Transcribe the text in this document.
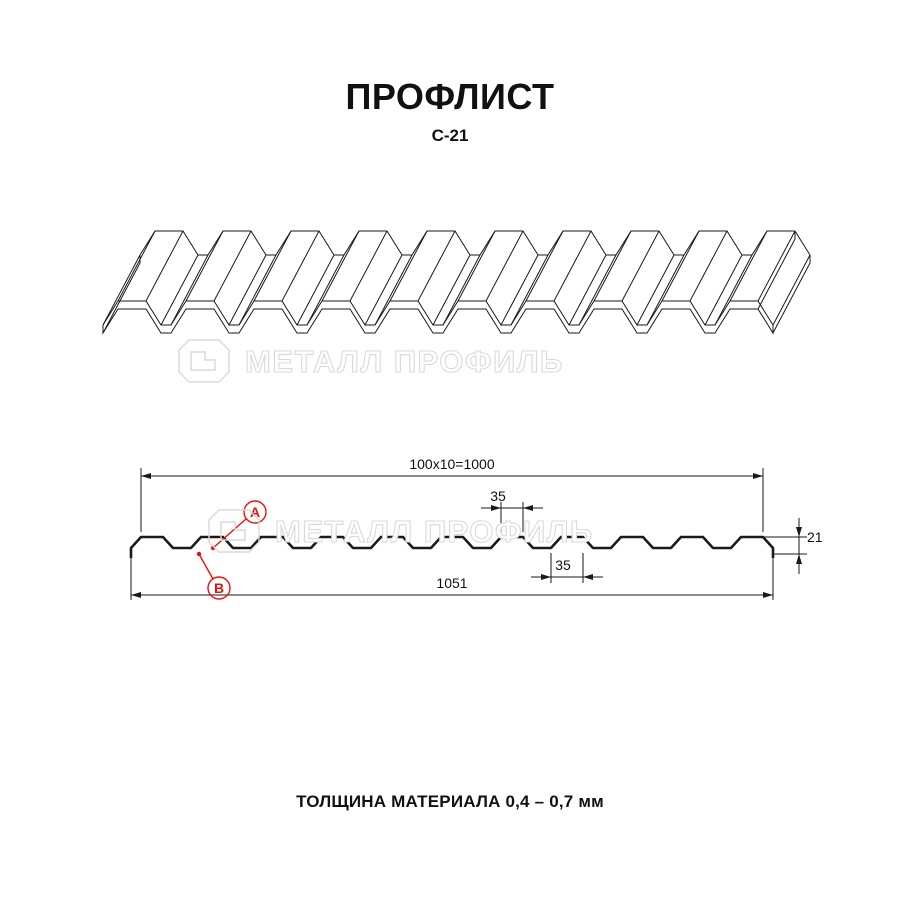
ПРОФЛИСТ
С-21
100x10=1000
35
35
1051
21
A
B
МЕТАЛЛ ПРОФИЛЬ
МЕТАЛЛ ПРОФИЛЬ
ТОЛЩИНА МАТЕРИАЛА 0,4 – 0,7 мм
